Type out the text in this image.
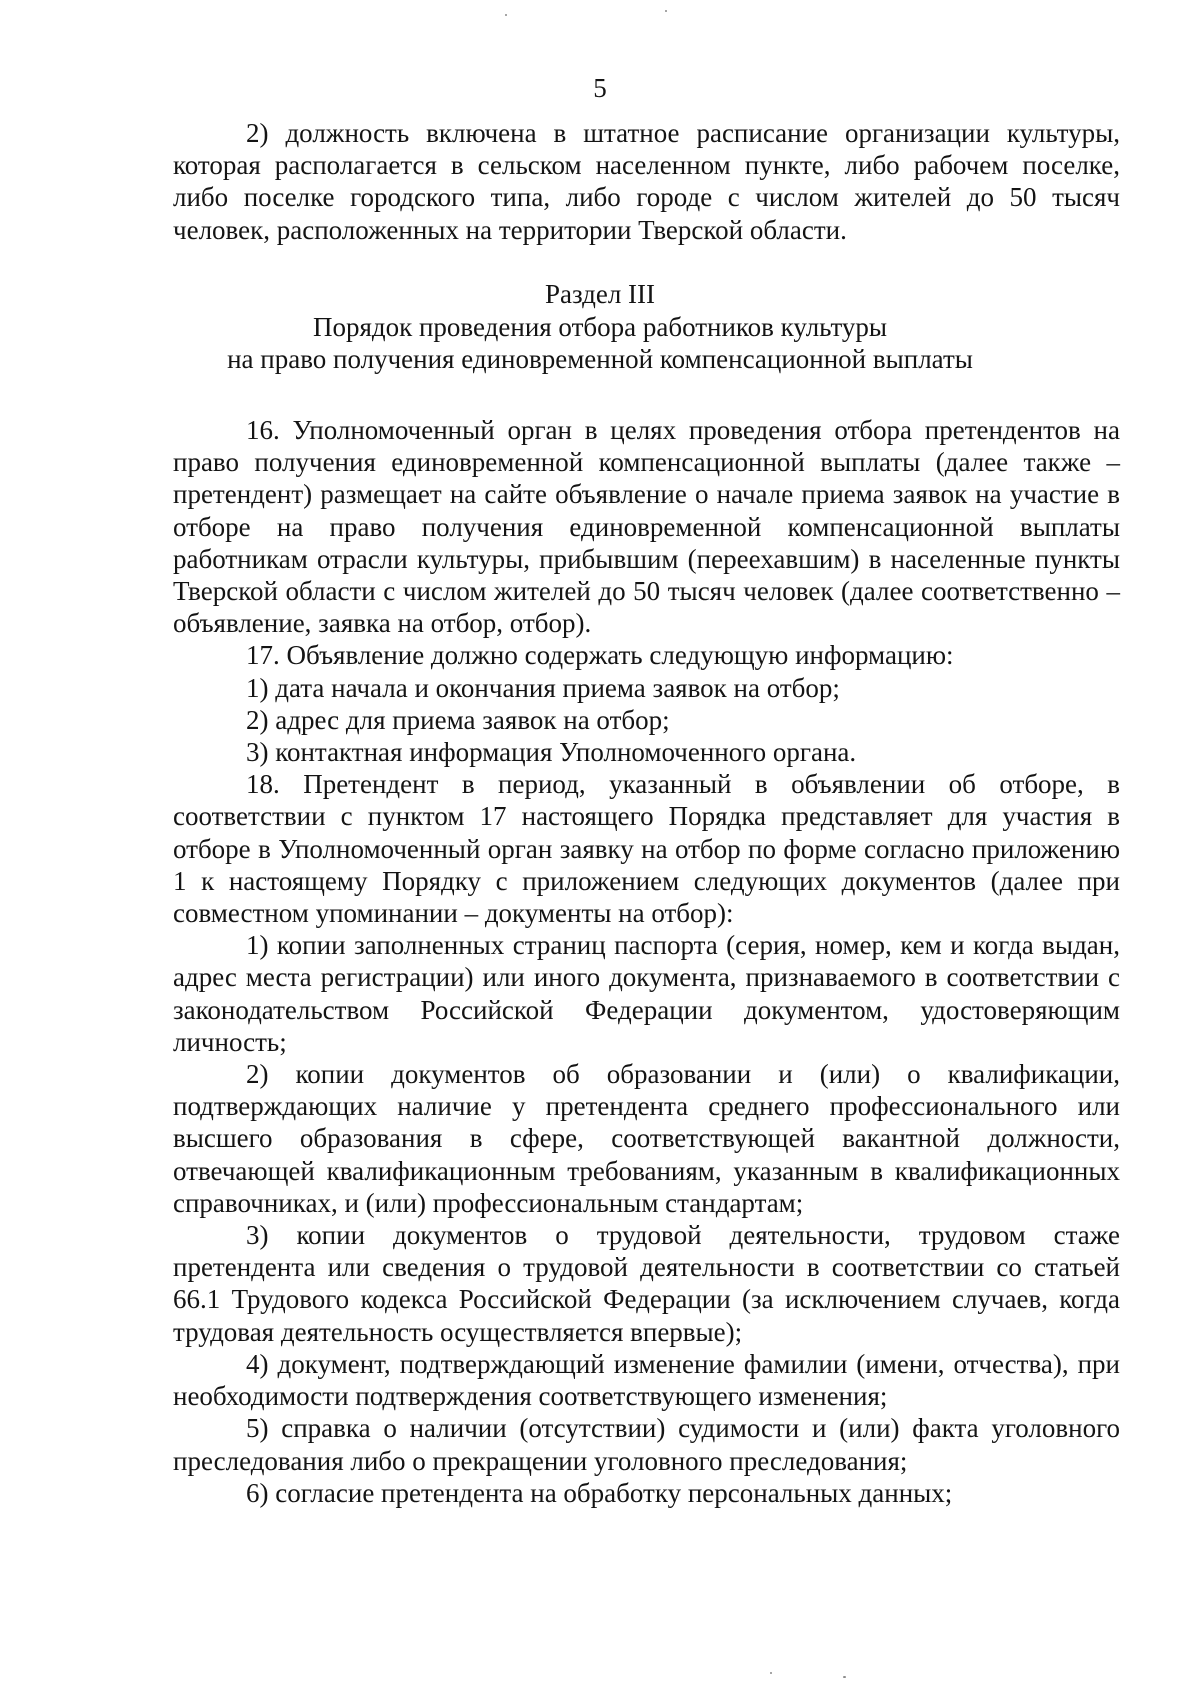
5

2) должность включена в штатное расписание организации культуры, которая располагается в сельском населенном пункте, либо рабочем поселке, либо поселке городского типа, либо городе с числом жителей до 50 тысяч человек, расположенных на территории Тверской области.

Раздел III
Порядок проведения отбора работников культуры
на право получения единовременной компенсационной выплаты

16. Уполномоченный орган в целях проведения отбора претендентов на право получения единовременной компенсационной выплаты (далее также – претендент) размещает на сайте объявление о начале приема заявок на участие в отборе на право получения единовременной компенсационной выплаты работникам отрасли культуры, прибывшим (переехавшим) в населенные пункты Тверской области с числом жителей до 50 тысяч человек (далее соответственно – объявление, заявка на отбор, отбор).

17. Объявление должно содержать следующую информацию:

1) дата начала и окончания приема заявок на отбор;

2) адрес для приема заявок на отбор;

3) контактная информация Уполномоченного органа.

18. Претендент в период, указанный в объявлении об отборе, в соответствии с пунктом 17 настоящего Порядка представляет для участия в отборе в Уполномоченный орган заявку на отбор по форме согласно приложению 1 к настоящему Порядку с приложением следующих документов (далее при совместном упоминании – документы на отбор):

1) копии заполненных страниц паспорта (серия, номер, кем и когда выдан, адрес места регистрации) или иного документа, признаваемого в соответствии с законодательством Российской Федерации документом, удостоверяющим личность;

2) копии документов об образовании и (или) о квалификации, подтверждающих наличие у претендента среднего профессионального или высшего образования в сфере, соответствующей вакантной должности, отвечающей квалификационным требованиям, указанным в квалификационных справочниках, и (или) профессиональным стандартам;

3) копии документов о трудовой деятельности, трудовом стаже претендента или сведения о трудовой деятельности в соответствии со статьей 66.1 Трудового кодекса Российской Федерации (за исключением случаев, когда трудовая деятельность осуществляется впервые);

4) документ, подтверждающий изменение фамилии (имени, отчества), при необходимости подтверждения соответствующего изменения;

5) справка о наличии (отсутствии) судимости и (или) факта уголовного преследования либо о прекращении уголовного преследования;

6) согласие претендента на обработку персональных данных;
